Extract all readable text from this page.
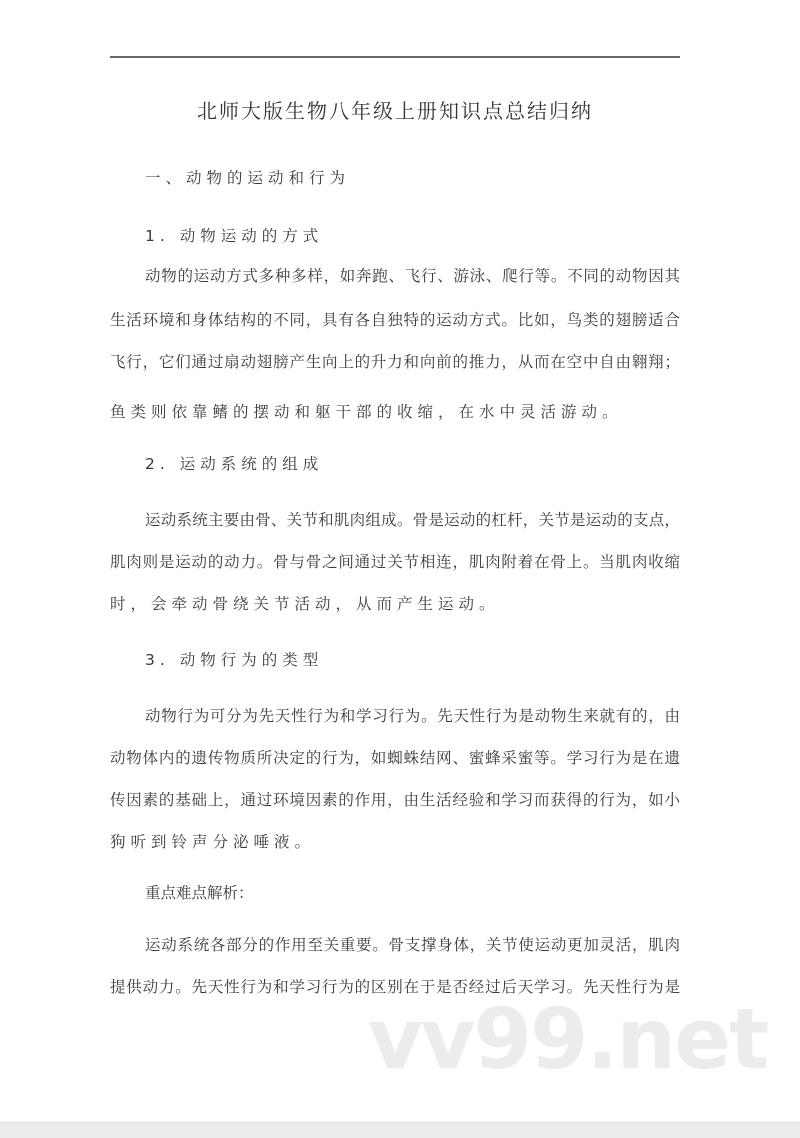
北师大版生物八年级上册知识点总结归纳
一、动物的运动和行为
1. 动物运动的方式
动物的运动方式多种多样，如奔跑、飞行、游泳、爬行等。不同的动物因其
生活环境和身体结构的不同，具有各自独特的运动方式。比如，鸟类的翅膀适合
飞行，它们通过扇动翅膀产生向上的升力和向前的推力，从而在空中自由翱翔；
鱼类则依靠鳍的摆动和躯干部的收缩，在水中灵活游动。
2. 运动系统的组成
运动系统主要由骨、关节和肌肉组成。骨是运动的杠杆，关节是运动的支点，
肌肉则是运动的动力。骨与骨之间通过关节相连，肌肉附着在骨上。当肌肉收缩
时，会牵动骨绕关节活动，从而产生运动。
3. 动物行为的类型
动物行为可分为先天性行为和学习行为。先天性行为是动物生来就有的，由
动物体内的遗传物质所决定的行为，如蜘蛛结网、蜜蜂采蜜等。学习行为是在遗
传因素的基础上，通过环境因素的作用，由生活经验和学习而获得的行为，如小
狗听到铃声分泌唾液。
重点难点解析：
运动系统各部分的作用至关重要。骨支撑身体，关节使运动更加灵活，肌肉
提供动力。先天性行为和学习行为的区别在于是否经过后天学习。先天性行为是
vv99.net
